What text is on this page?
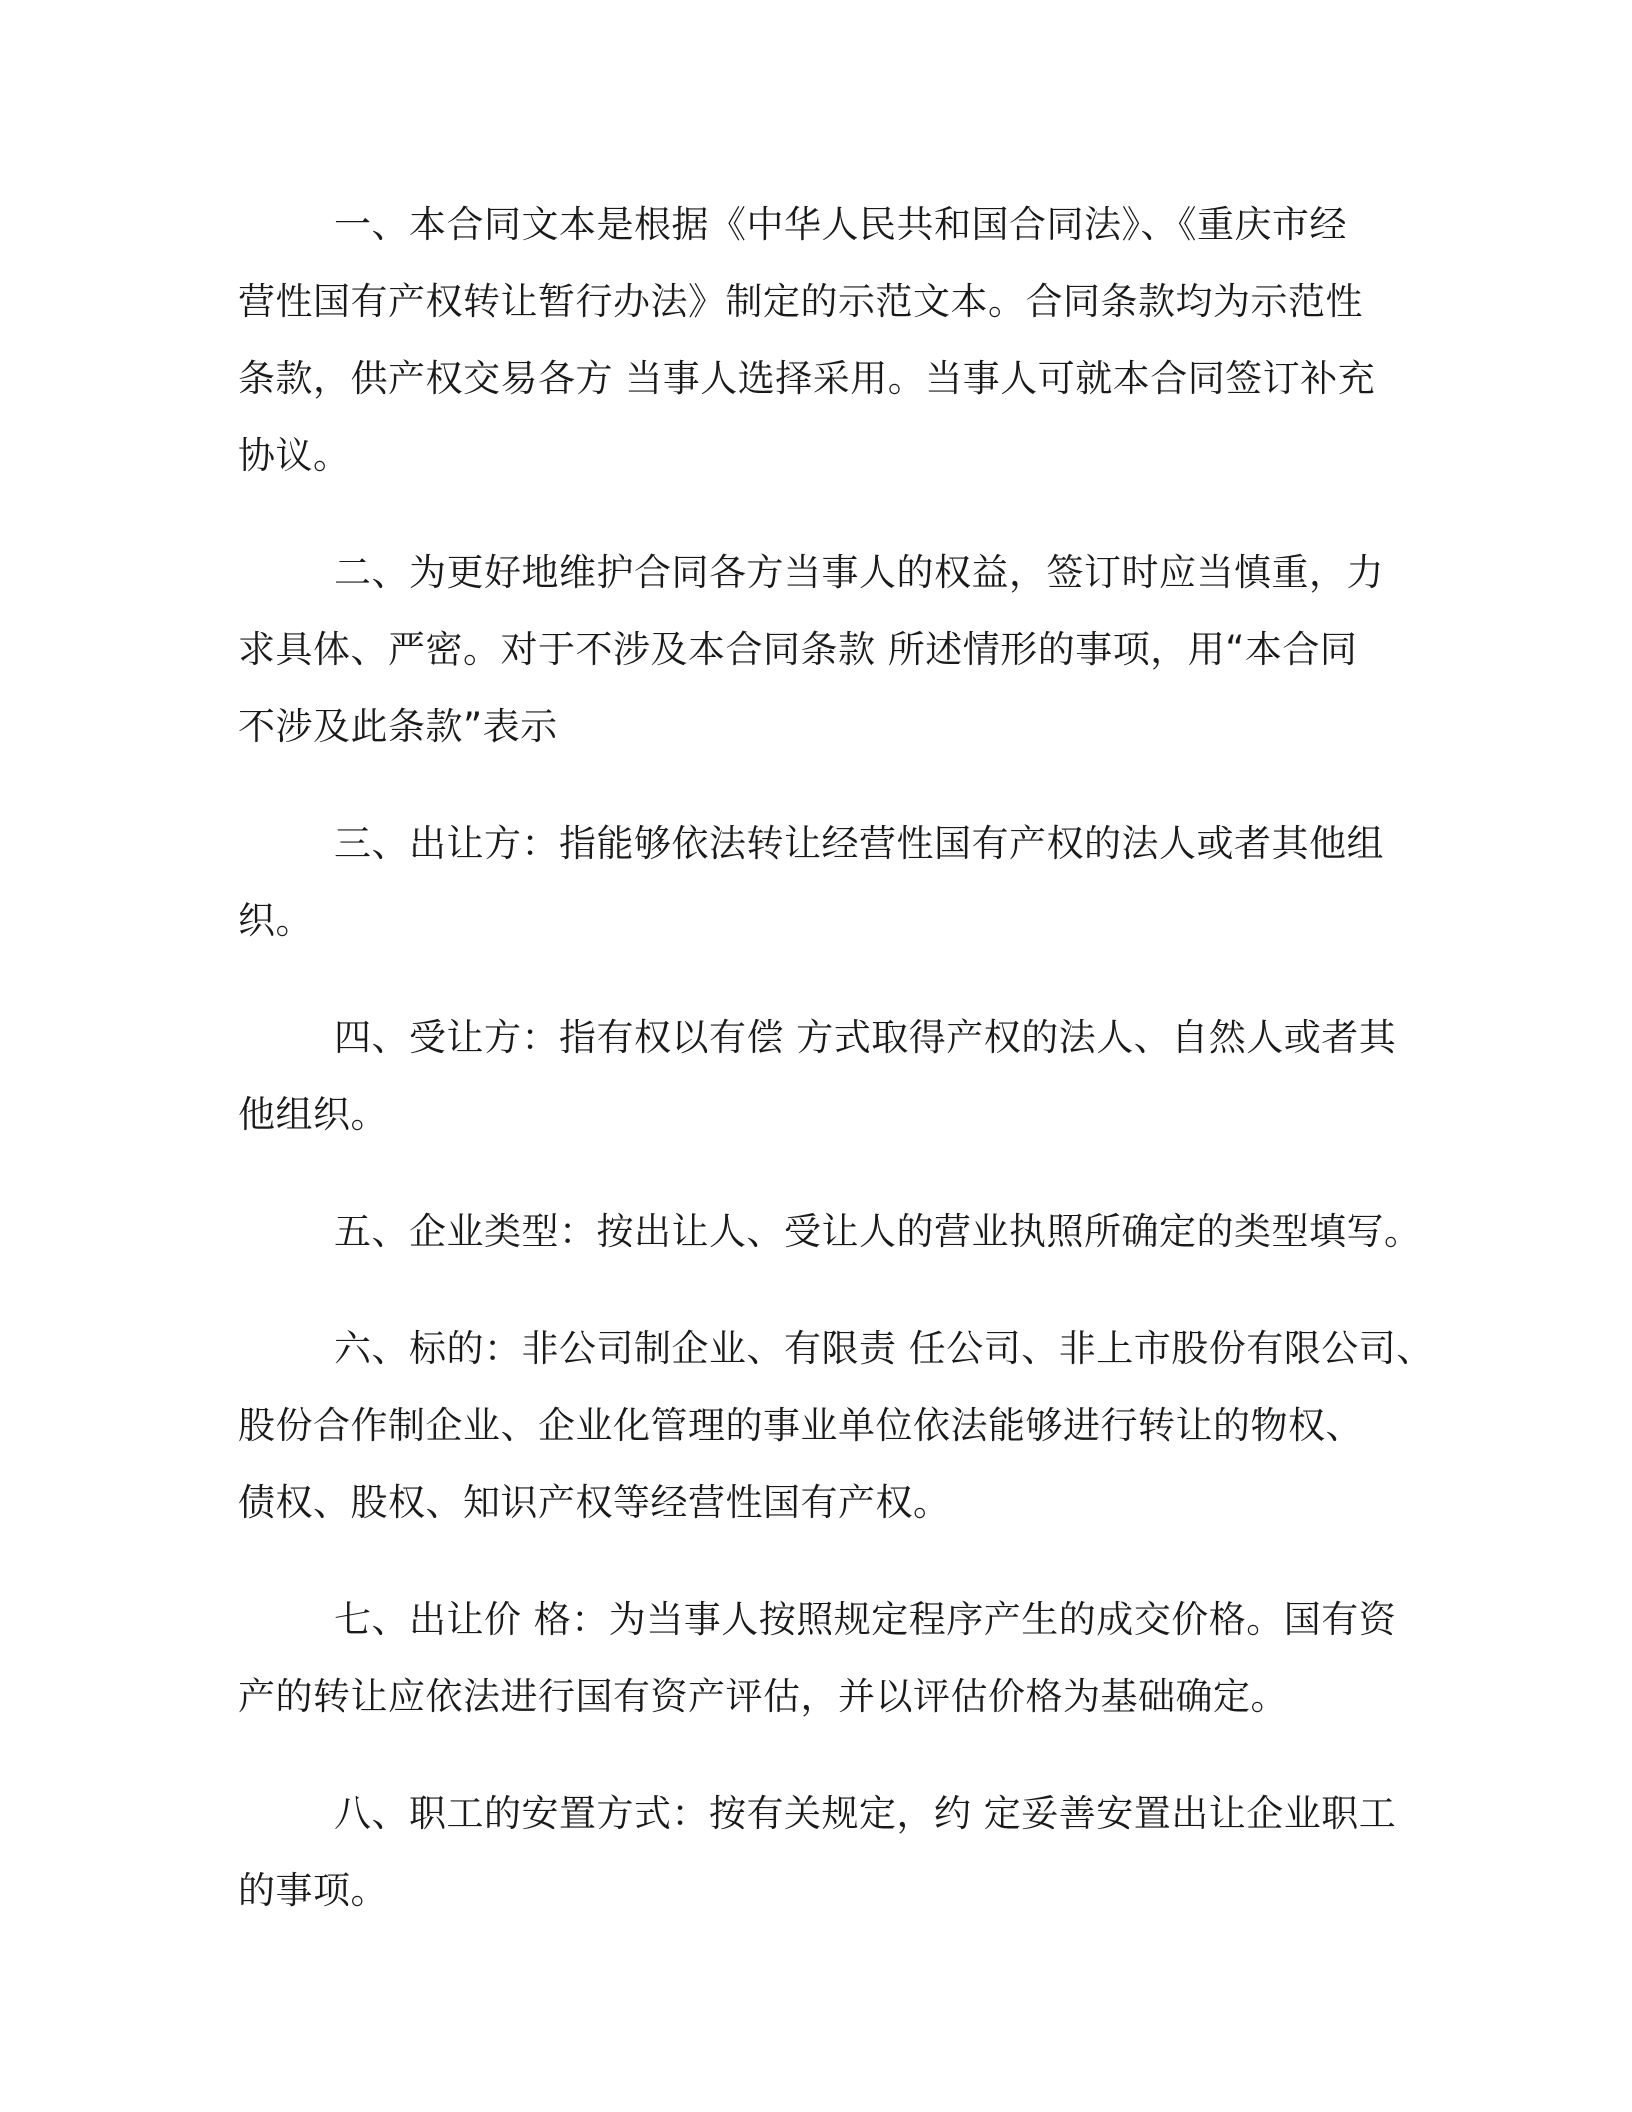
一、本合同文本是根据《中华人民共和国合同法》、《重庆市经
营性国有产权转让暂行办法》制定的示范文本。合同条款均为示范性
条款，供产权交易各方 当事人选择采用。当事人可就本合同签订补充
协议。
二、为更好地维护合同各方当事人的权益，签订时应当慎重，力
求具体、严密。对于不涉及本合同条款 所述情形的事项，用“本合同
不涉及此条款”表示
三、出让方：指能够依法转让经营性国有产权的法人或者其他组
织。
四、受让方：指有权以有偿 方式取得产权的法人、自然人或者其
他组织。
五、企业类型：按出让人、受让人的营业执照所确定的类型填写。
六、标的：非公司制企业、有限责 任公司、非上市股份有限公司、
股份合作制企业、企业化管理的事业单位依法能够进行转让的物权、
债权、股权、知识产权等经营性国有产权。
七、出让价 格：为当事人按照规定程序产生的成交价格。国有资
产的转让应依法进行国有资产评估，并以评估价格为基础确定。
八、职工的安置方式：按有关规定，约 定妥善安置出让企业职工
的事项。
